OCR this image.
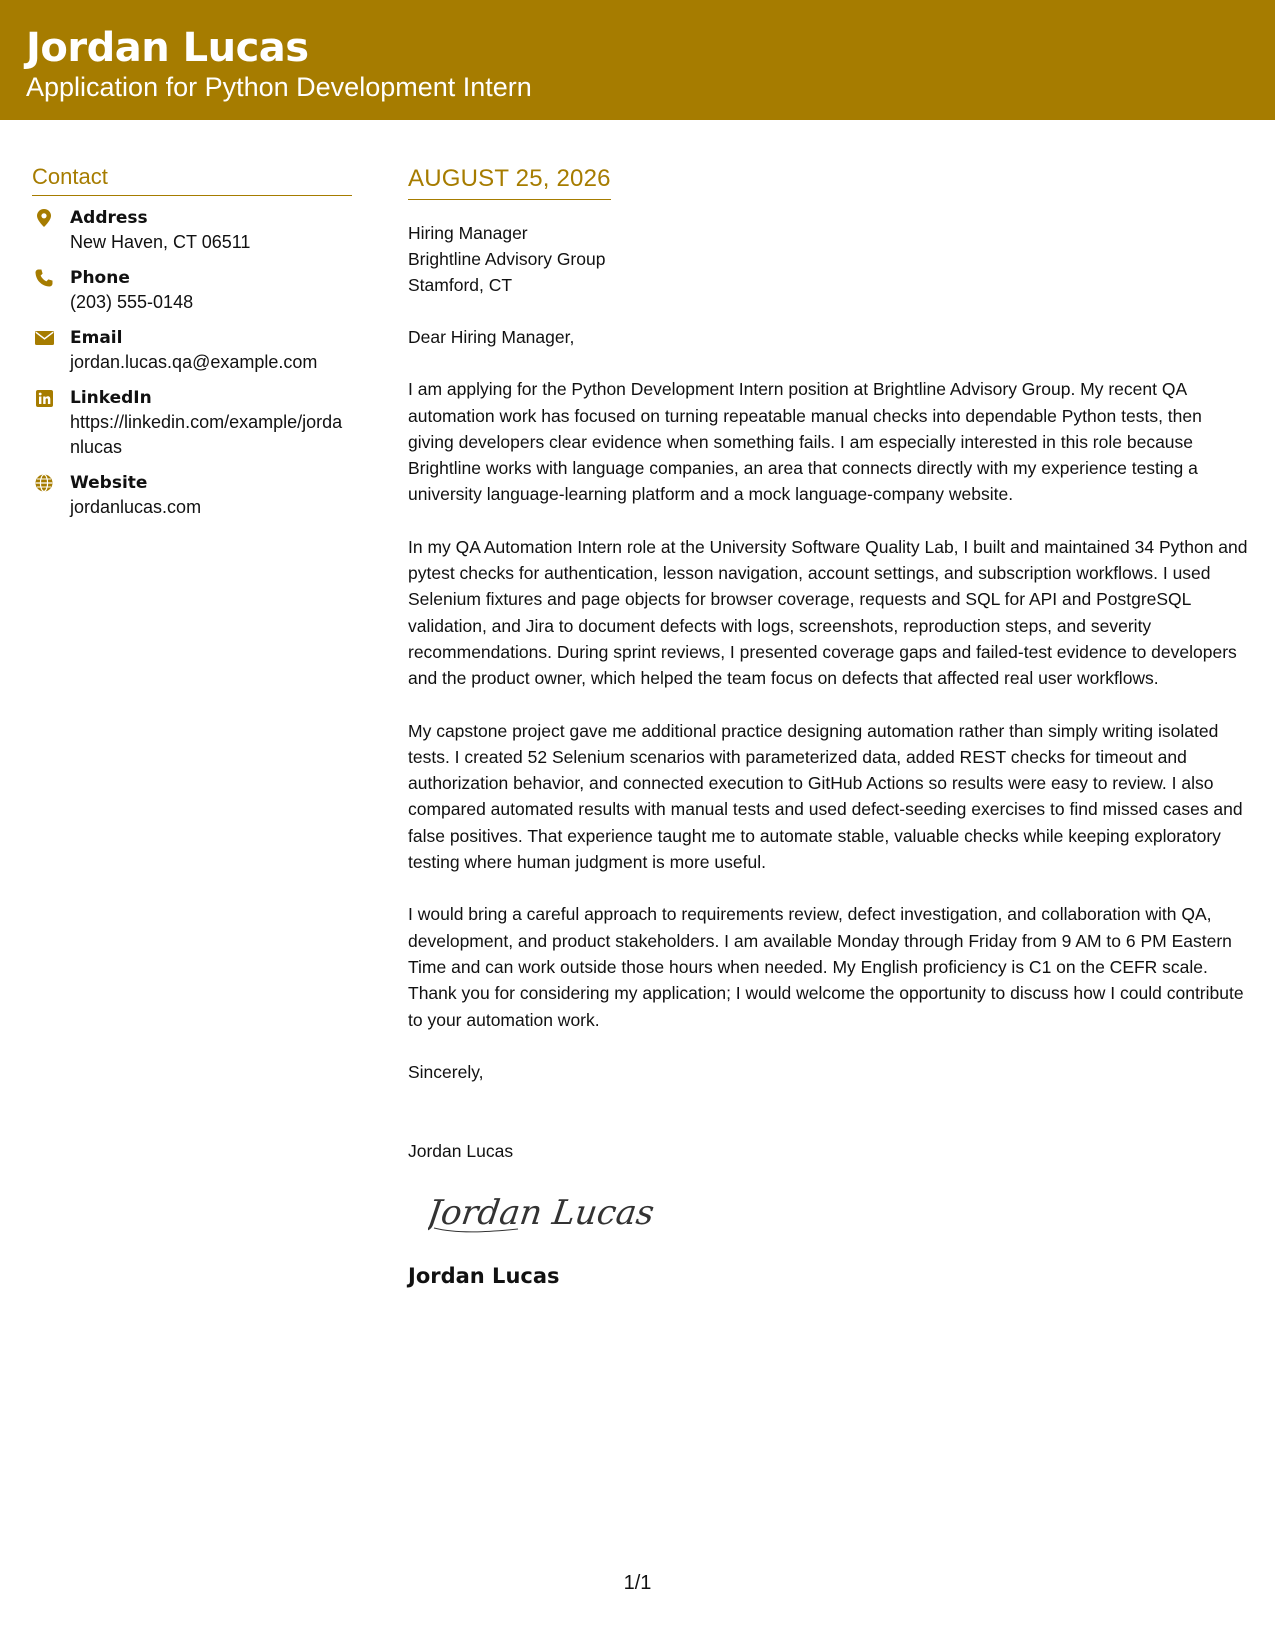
Jordan Lucas
Application for Python Development Intern
Contact
Address
New Haven, CT 06511
Phone
(203) 555-0148
Email
jordan.lucas.qa@example.com
LinkedIn
https://linkedin.com/example/jordanlucas
Website
jordanlucas.com
AUGUST 25, 2026
Hiring Manager
Brightline Advisory Group
Stamford, CT
Dear Hiring Manager,

I am applying for the Python Development Intern position at Brightline Advisory Group. My recent QA automation work has focused on turning repeatable manual checks into dependable Python tests, then giving developers clear evidence when something fails. I am especially interested in this role because Brightline works with language companies, an area that connects directly with my experience testing a university language-learning platform and a mock language-company website.

In my QA Automation Intern role at the University Software Quality Lab, I built and maintained 34 Python and pytest checks for authentication, lesson navigation, account settings, and subscription workflows. I used Selenium fixtures and page objects for browser coverage, requests and SQL for API and PostgreSQL validation, and Jira to document defects with logs, screenshots, reproduction steps, and severity recommendations. During sprint reviews, I presented coverage gaps and failed-test evidence to developers and the product owner, which helped the team focus on defects that affected real user workflows.

My capstone project gave me additional practice designing automation rather than simply writing isolated tests. I created 52 Selenium scenarios with parameterized data, added REST checks for timeout and authorization behavior, and connected execution to GitHub Actions so results were easy to review. I also compared automated results with manual tests and used defect-seeding exercises to find missed cases and false positives. That experience taught me to automate stable, valuable checks while keeping exploratory testing where human judgment is more useful.

I would bring a careful approach to requirements review, defect investigation, and collaboration with QA, development, and product stakeholders. I am available Monday through Friday from 9 AM to 6 PM Eastern Time and can work outside those hours when needed. My English proficiency is C1 on the CEFR scale. Thank you for considering my application; I would welcome the opportunity to discuss how I could contribute to your automation work.

Sincerely,
Jordan Lucas
Jordan Lucas
Jordan Lucas
1/1
